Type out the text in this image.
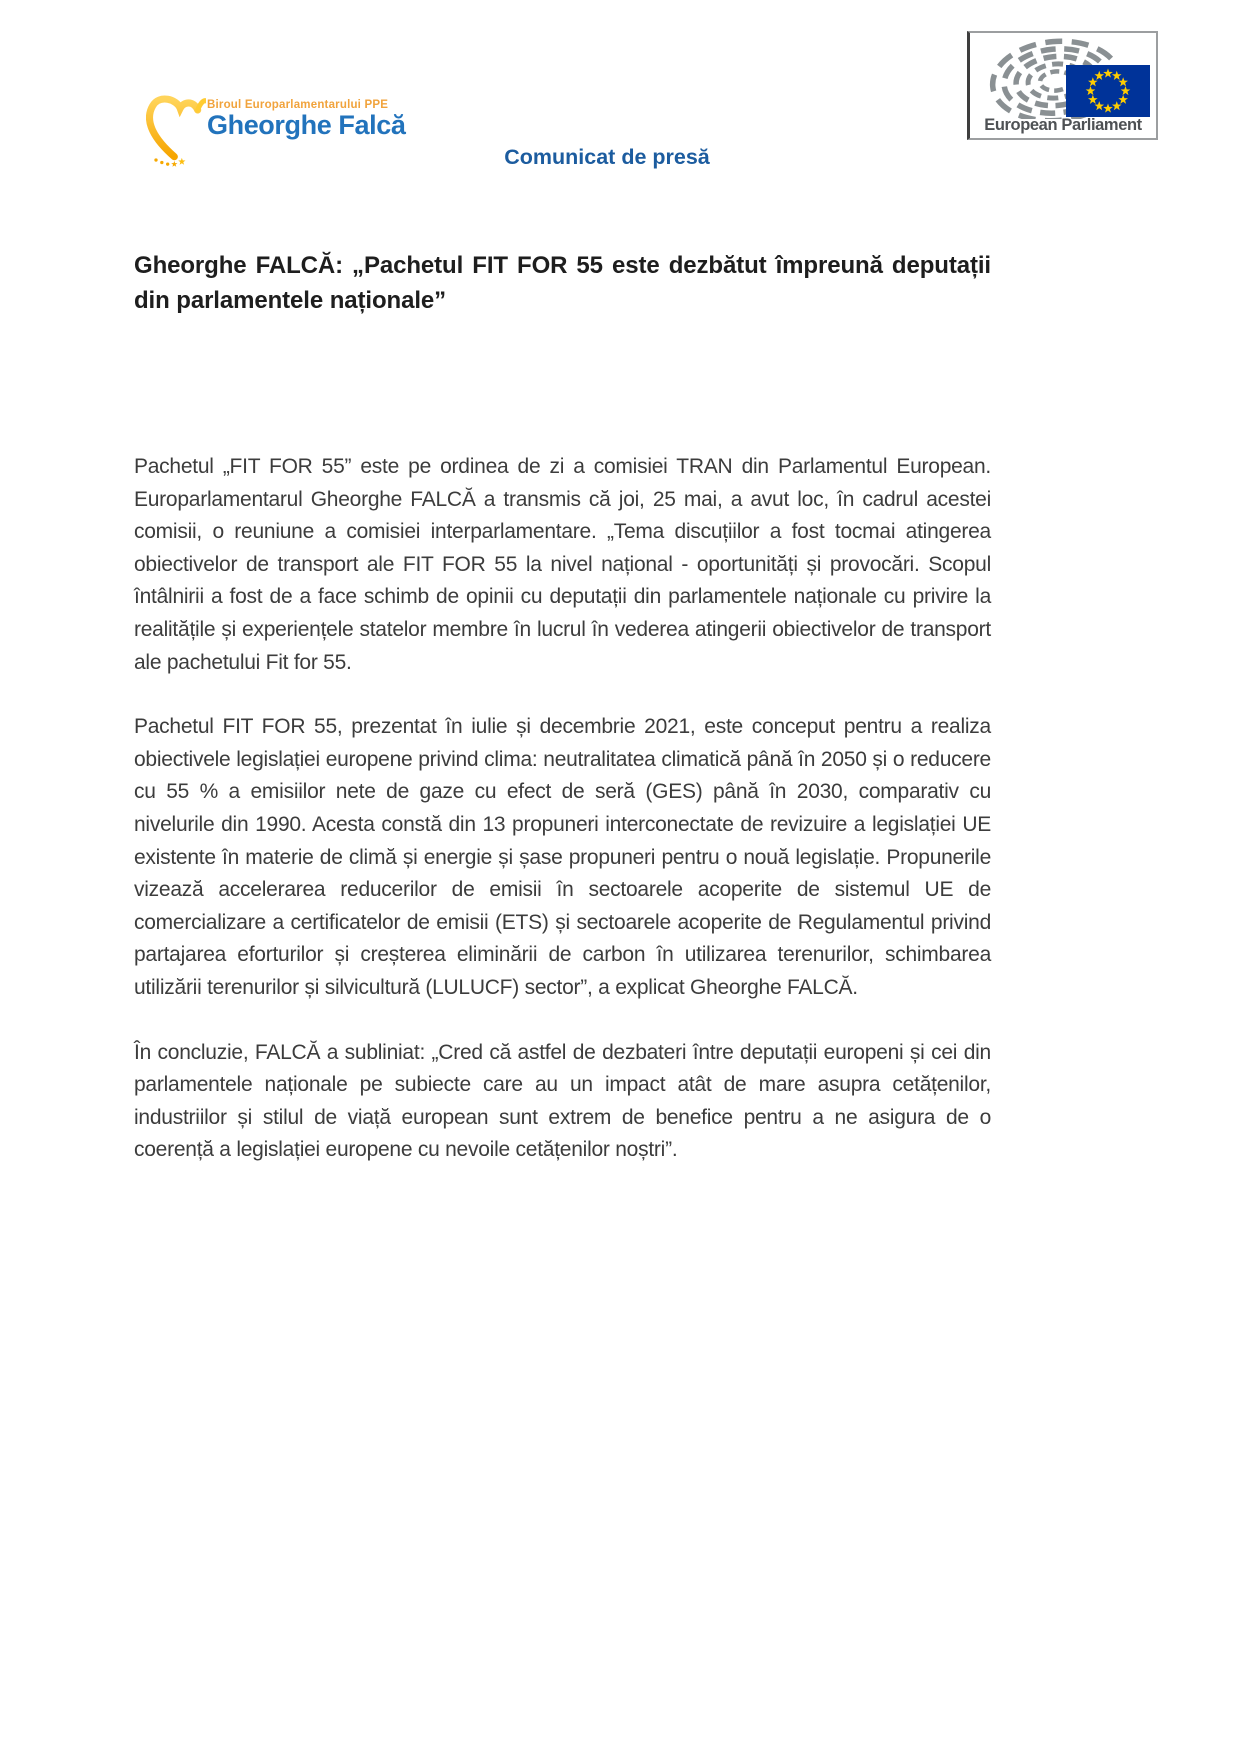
Biroul Europarlamentarului PPE
Gheorghe Falcă
Comunicat de presă
European Parliament
Gheorghe FALCĂ: „Pachetul FIT FOR 55 este dezbătut împreună deputații din parlamentele naționale”

Pachetul „FIT FOR 55” este pe ordinea de zi a comisiei TRAN din Parlamentul European. Europarlamentarul Gheorghe FALCĂ a transmis că joi, 25 mai, a avut loc, în cadrul acestei comisii, o reuniune a comisiei interparlamentare. „Tema discuțiilor a fost tocmai atingerea obiectivelor de transport ale FIT FOR 55 la nivel național - oportunități și provocări. Scopul întâlnirii a fost de a face schimb de opinii cu deputații din parlamentele naționale cu privire la realitățile și experiențele statelor membre în lucrul în vederea atingerii obiectivelor de transport ale pachetului Fit for 55.

Pachetul FIT FOR 55, prezentat în iulie și decembrie 2021, este conceput pentru a realiza obiectivele legislației europene privind clima: neutralitatea climatică până în 2050 și o reducere cu 55 % a emisiilor nete de gaze cu efect de seră (GES) până în 2030, comparativ cu nivelurile din 1990. Acesta constă din 13 propuneri interconectate de revizuire a legislației UE existente în materie de climă și energie și șase propuneri pentru o nouă legislație. Propunerile vizează accelerarea reducerilor de emisii în sectoarele acoperite de sistemul UE de comercializare a certificatelor de emisii (ETS) și sectoarele acoperite de Regulamentul privind partajarea eforturilor și creșterea eliminării de carbon în utilizarea terenurilor, schimbarea utilizării terenurilor și silvicultură (LULUCF) sector”, a explicat Gheorghe FALCĂ.

În concluzie, FALCĂ a subliniat: „Cred că astfel de dezbateri între deputații europeni și cei din parlamentele naționale pe subiecte care au un impact atât de mare asupra cetățenilor, industriilor și stilul de viață european sunt extrem de benefice pentru a ne asigura de o coerență a legislației europene cu nevoile cetățenilor noștri”.
